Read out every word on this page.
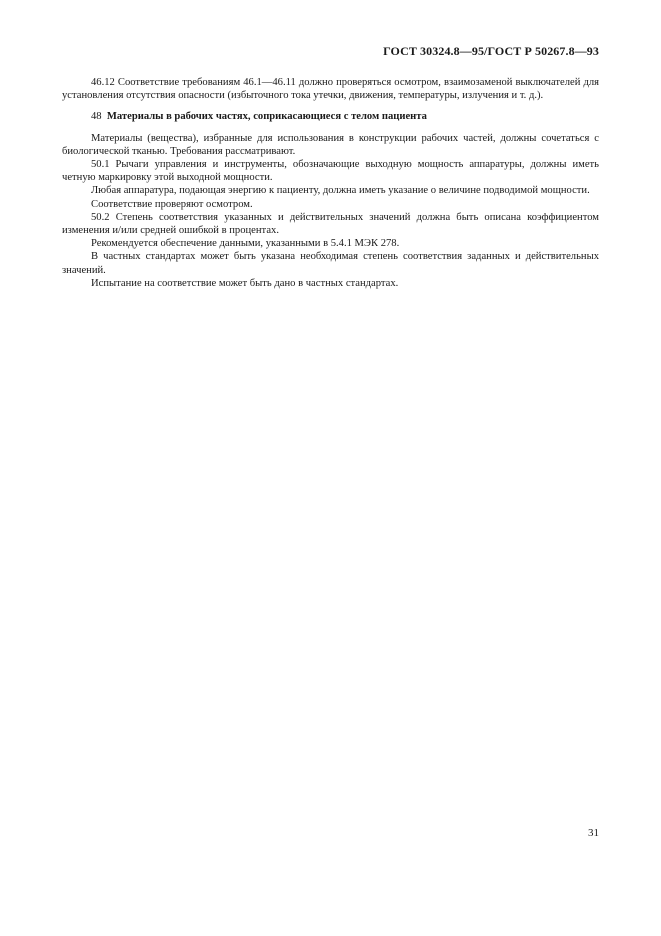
ГОСТ 30324.8—95/ГОСТ Р 50267.8—93

46.12 Соответствие требованиям 46.1—46.11 должно проверяться осмотром, взаимозаменой выключателей для установления отсутствия опасности (избыточного тока утечки, движения, температуры, излучения и т. д.).

48 Материалы в рабочих частях, соприкасающиеся с телом пациента

Материалы (вещества), избранные для использования в конструкции рабочих частей, должны сочетаться с биологической тканью. Требования рассматривают.

50.1 Рычаги управления и инструменты, обозначающие выходную мощность аппаратуры, должны иметь четную маркировку этой выходной мощности.

Любая аппаратура, подающая энергию к пациенту, должна иметь указание о величине подводимой мощности.

Соответствие проверяют осмотром.

50.2 Степень соответствия указанных и действительных значений должна быть описана коэффициентом изменения и/или средней ошибкой в процентах.

Рекомендуется обеспечение данными, указанными в 5.4.1 МЭК 278.

В частных стандартах может быть указана необходимая степень соответствия заданных и действительных значений.

Испытание на соответствие может быть дано в частных стандартах.

31
